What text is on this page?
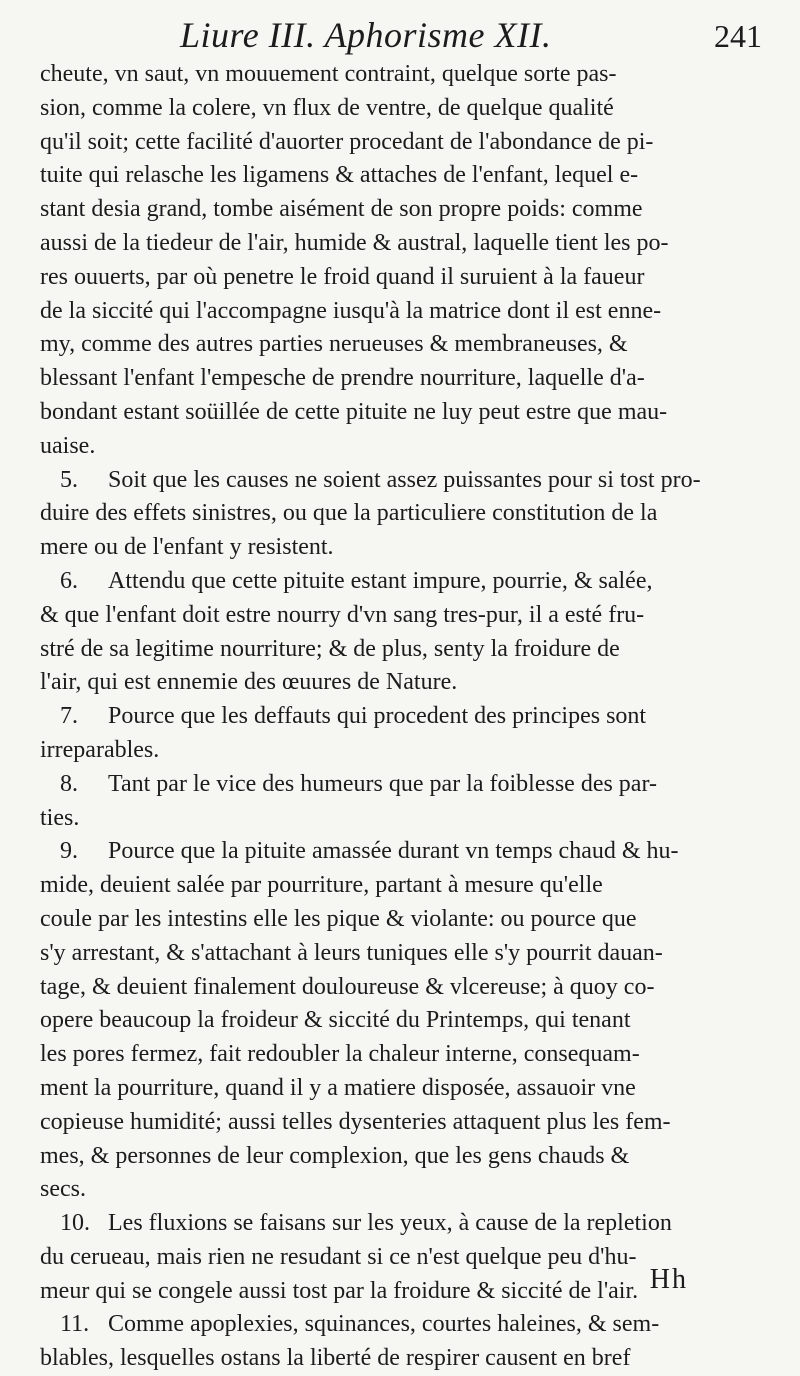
Liure III. Aphorisme XII.	241
cheute, vn saut, vn mouuement contraint, quelque sorte pas-
sion, comme la colere, vn flux de ventre, de quelque qualité
qu'il soit; cette facilité d'auorter procedant de l'abondance de pi-
tuite qui relasche les ligamens & attaches de l'enfant, lequel e-
stant desia grand, tombe aisément de son propre poids: comme
aussi de la tiedeur de l'air, humide & austral, laquelle tient les po-
res ouuerts, par où penetre le froid quand il suruient à la faueur
de la siccité qui l'accompagne iusqu'à la matrice dont il est enne-
my, comme des autres parties nerueuses & membraneuses, &
blessant l'enfant l'empesche de prendre nourriture, laquelle d'a-
bondant estant soüillée de cette pituite ne luy peut estre que mau-
uaise.
5. Soit que les causes ne soient assez puissantes pour si tost pro-
duire des effets sinistres, ou que la particuliere constitution de la
mere ou de l'enfant y resistent.
6. Attendu que cette pituite estant impure, pourrie, & salée,
& que l'enfant doit estre nourry d'vn sang tres-pur, il a esté fru-
stré de sa legitime nourriture; & de plus, senty la froidure de
l'air, qui est ennemie des œuures de Nature.
7. Pource que les deffauts qui procedent des principes sont
irreparables.
8. Tant par le vice des humeurs que par la foiblesse des par-
ties.
9. Pource que la pituite amassée durant vn temps chaud & hu-
mide, deuient salée par pourriture, partant à mesure qu'elle
coule par les intestins elle les pique & violante: ou pource que
s'y arrestant, & s'attachant à leurs tuniques elle s'y pourrit dauan-
tage, & deuient finalement douloureuse & vlcereuse; à quoy co-
opere beaucoup la froideur & siccité du Printemps, qui tenant
les pores fermez, fait redoubler la chaleur interne, consequam-
ment la pourriture, quand il y a matiere disposée, assauoir vne
copieuse humidité; aussi telles dysenteries attaquent plus les fem-
mes, & personnes de leur complexion, que les gens chauds &
secs.
10. Les fluxions se faisans sur les yeux, à cause de la repletion
du cerueau, mais rien ne resudant si ce n'est quelque peu d'hu-
meur qui se congele aussi tost par la froidure & siccité de l'air.
11. Comme apoplexies, squinances, courtes haleines, & sem-
blables, lesquelles ostans la liberté de respirer causent en bref
Hh
